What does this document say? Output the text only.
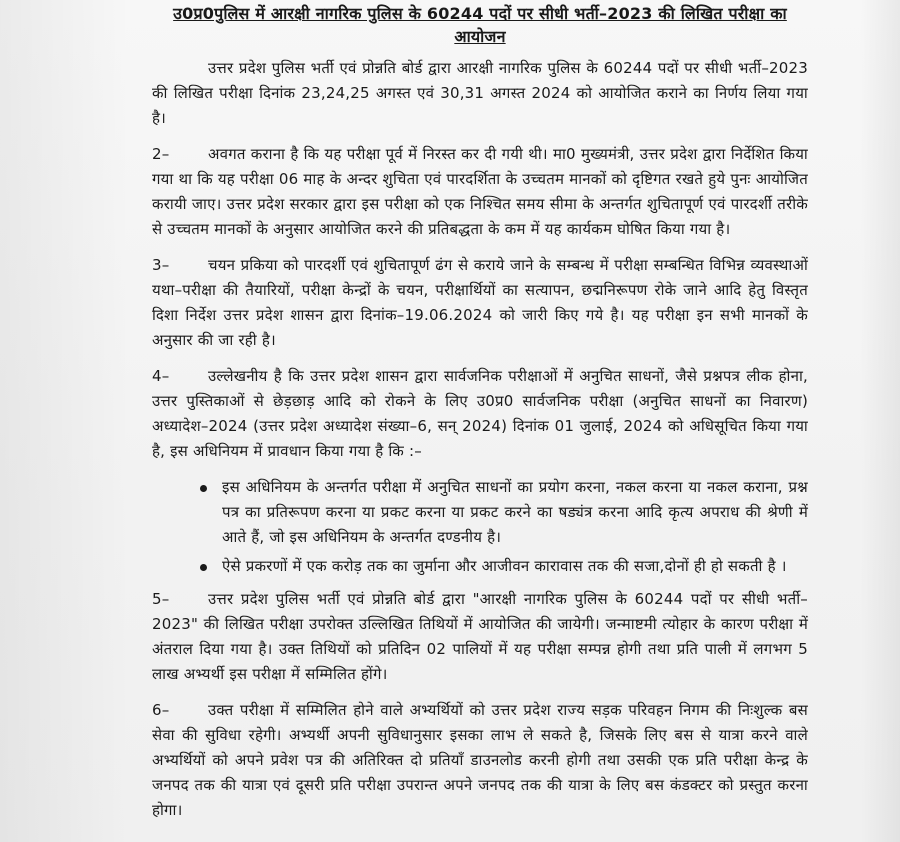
उ0प्र0पुलिस में आरक्षी नागरिक पुलिस के 60244 पदों पर सीधी भर्ती–2023 की लिखित परीक्षा का आयोजन

उत्तर प्रदेश पुलिस भर्ती एवं प्रोन्नति बोर्ड द्वारा आरक्षी नागरिक पुलिस के 60244 पदों पर सीधी भर्ती–2023 की लिखित परीक्षा दिनांक 23,24,25 अगस्त एवं 30,31 अगस्त 2024 को आयोजित कराने का निर्णय लिया गया है।

2–	अवगत कराना है कि यह परीक्षा पूर्व में निरस्त कर दी गयी थी। मा0 मुख्यमंत्री, उत्तर प्रदेश द्वारा निर्देशित किया गया था कि यह परीक्षा 06 माह के अन्दर शुचिता एवं पारदर्शिता के उच्चतम मानकों को दृष्टिगत रखते हुये पुनः आयोजित करायी जाए। उत्तर प्रदेश सरकार द्वारा इस परीक्षा को एक निश्चित समय सीमा के अन्तर्गत शुचितापूर्ण एवं पारदर्शी तरीके से उच्चतम मानकों के अनुसार आयोजित करने की प्रतिबद्धता के कम में यह कार्यकम घोषित किया गया है।

3–	चयन प्रकिया को पारदर्शी एवं शुचितापूर्ण ढंग से कराये जाने के सम्बन्ध में परीक्षा सम्बन्धित विभिन्न व्यवस्थाओं यथा–परीक्षा की तैयारियों, परीक्षा केन्द्रों के चयन, परीक्षार्थियों का सत्यापन, छद्मनिरूपण रोके जाने आदि हेतु विस्तृत दिशा निर्देश उत्तर प्रदेश शासन द्वारा दिनांक–19.06.2024 को जारी किए गये है। यह परीक्षा इन सभी मानकों के अनुसार की जा रही है।

4–	उल्लेखनीय है कि उत्तर प्रदेश शासन द्वारा सार्वजनिक परीक्षाओं में अनुचित साधनों, जैसे प्रश्नपत्र लीक होना, उत्तर पुस्तिकाओं से छेड़छाड़ आदि को रोकने के लिए उ0प्र0 सार्वजनिक परीक्षा (अनुचित साधनों का निवारण) अध्यादेश–2024 (उत्तर प्रदेश अध्यादेश संख्या–6, सन् 2024) दिनांक 01 जुलाई, 2024 को अधिसूचित किया गया है, इस अधिनियम में प्रावधान किया गया है कि :–

इस अधिनियम के अन्तर्गत परीक्षा में अनुचित साधनों का प्रयोग करना, नकल करना या नकल कराना, प्रश्न पत्र का प्रतिरूपण करना या प्रकट करना या प्रकट करने का षड्यंत्र करना आदि कृत्य अपराध की श्रेणी में आते हैं, जो इस अधिनियम के अन्तर्गत दण्डनीय है।
ऐसे प्रकरणों में एक करोड़ तक का जुर्माना और आजीवन कारावास तक की सजा,दोनों ही हो सकती है ।

5–	उत्तर प्रदेश पुलिस भर्ती एवं प्रोन्नति बोर्ड द्वारा "आरक्षी नागरिक पुलिस के 60244 पदों पर सीधी भर्ती–2023" की लिखित परीक्षा उपरोक्त उल्लिखित तिथियों में आयोजित की जायेगी। जन्माष्टमी त्योहार के कारण परीक्षा में अंतराल दिया गया है। उक्त तिथियों को प्रतिदिन 02 पालियों में यह परीक्षा सम्पन्न होगी तथा प्रति पाली में लगभग 5 लाख अभ्यर्थी इस परीक्षा में सम्मिलित होंगे।

6–	उक्त परीक्षा में सम्मिलित होने वाले अभ्यर्थियों को उत्तर प्रदेश राज्य सड़क परिवहन निगम की निःशुल्क बस सेवा की सुविधा रहेगी। अभ्यर्थी अपनी सुविधानुसार इसका लाभ ले सकते है, जिसके लिए बस से यात्रा करने वाले अभ्यर्थियों को अपने प्रवेश पत्र की अतिरिक्त दो प्रतियाँ डाउनलोड करनी होगी तथा उसकी एक प्रति परीक्षा केन्द्र के जनपद तक की यात्रा एवं दूसरी प्रति परीक्षा उपरान्त अपने जनपद तक की यात्रा के लिए बस कंडक्टर को प्रस्तुत करना होगा।
